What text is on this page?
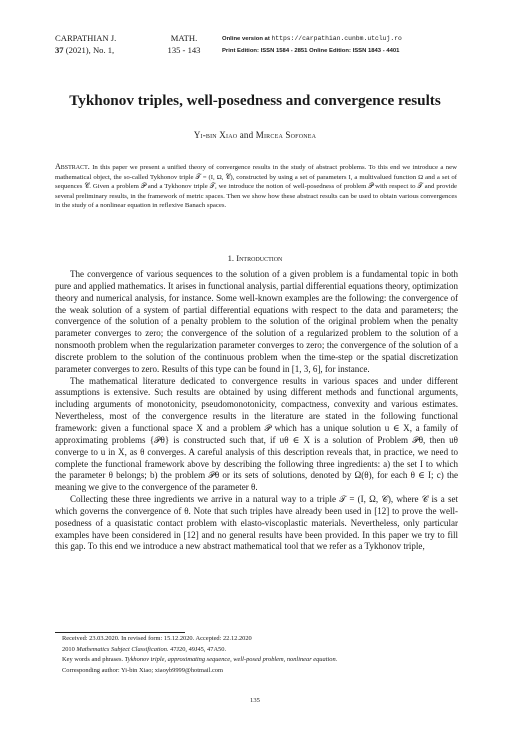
CARPATHIAN J.
37 (2021), No. 1,
MATH.
135 - 143
Online version at https://carpathian.cunbm.utcluj.ro
Print Edition: ISSN 1584 - 2851 Online Edition: ISSN 1843 - 4401
Tykhonov triples, well-posedness and convergence results
Yi-bin Xiao and Mircea Sofonea

Abstract. In this paper we present a unified theory of convergence results in the study of abstract problems. To this end we introduce a new mathematical object, the so-called Tykhonov triple 𝒯 = (I, Ω, 𝒞), constructed by using a set of parameters I, a multivalued function Ω and a set of sequences 𝒞. Given a problem 𝒫 and a Tykhonov triple 𝒯, we introduce the notion of well-posedness of problem 𝒫 with respect to 𝒯 and provide several preliminary results, in the framework of metric spaces. Then we show how these abstract results can be used to obtain various convergences in the study of a nonlinear equation in reflexive Banach spaces.

1. Introduction

The convergence of various sequences to the solution of a given problem is a fundamental topic in both pure and applied mathematics. It arises in functional analysis, partial differential equations theory, optimization theory and numerical analysis, for instance. Some well-known examples are the following: the convergence of the weak solution of a system of partial differential equations with respect to the data and parameters; the convergence of the solution of a penalty problem to the solution of the original problem when the penalty parameter converges to zero; the convergence of the solution of a regularized problem to the solution of a nonsmooth problem when the regularization parameter converges to zero; the convergence of the solution of a discrete problem to the solution of the continuous problem when the time-step or the spatial discretization parameter converges to zero. Results of this type can be found in [1, 3, 6], for instance.

The mathematical literature dedicated to convergence results in various spaces and under different assumptions is extensive. Such results are obtained by using different methods and functional arguments, including arguments of monotonicity, pseudomonotonicity, compactness, convexity and various estimates. Nevertheless, most of the convergence results in the literature are stated in the following functional framework: given a functional space X and a problem 𝒫 which has a unique solution u ∈ X, a family of approximating problems {𝒫θ} is constructed such that, if uθ ∈ X is a solution of Problem 𝒫θ, then uθ converge to u in X, as θ converges. A careful analysis of this description reveals that, in practice, we need to complete the functional framework above by describing the following three ingredients: a) the set I to which the parameter θ belongs; b) the problem 𝒫θ or its sets of solutions, denoted by Ω(θ), for each θ ∈ I; c) the meaning we give to the convergence of the parameter θ.

Collecting these three ingredients we arrive in a natural way to a triple 𝒯 = (I, Ω, 𝒞), where 𝒞 is a set which governs the convergence of θ. Note that such triples have already been used in [12] to prove the well-posedness of a quasistatic contact problem with elasto-viscoplastic materials. Nevertheless, only particular examples have been considered in [12] and no general results have been provided. In this paper we try to fill this gap. To this end we introduce a new abstract mathematical tool that we refer as a Tykhonov triple,

Received: 23.03.2020. In revised form: 15.12.2020. Accepted: 22.12.2020
2010 Mathematics Subject Classification. 47J20, 49J45, 47A50.
Key words and phrases. Tykhonov triple, approximating sequence, well-posed problem, nonlinear equation.
Corresponding author: Yi-bin Xiao; xiaoyb9999@hotmail.com
135
